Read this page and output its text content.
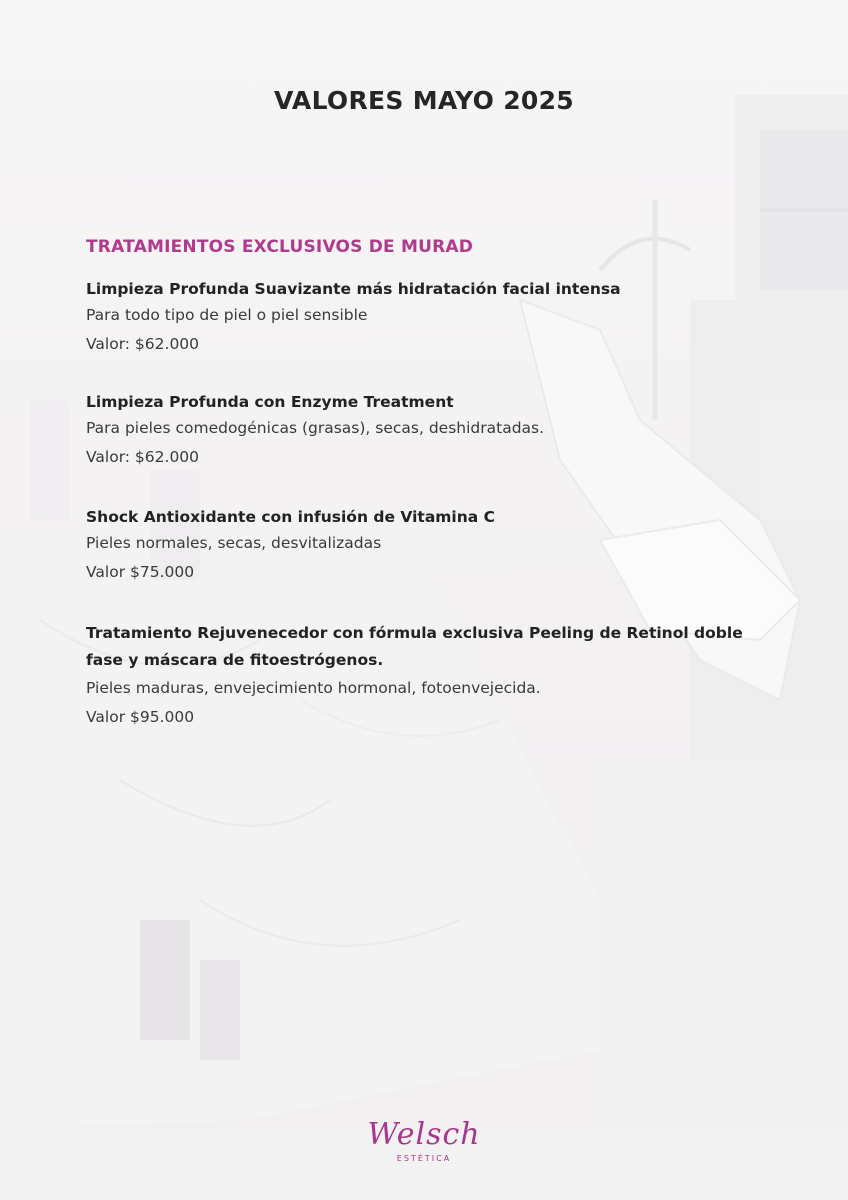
VALORES MAYO 2025
TRATAMIENTOS EXCLUSIVOS DE MURAD
Limpieza Profunda Suavizante más hidratación facial intensa
Para todo tipo de piel o piel sensible
Valor: $62.000
Limpieza Profunda con Enzyme Treatment
Para pieles comedogénicas (grasas), secas, deshidratadas.
Valor: $62.000
Shock Antioxidante con infusión de Vitamina C
Pieles normales, secas, desvitalizadas
Valor $75.000
Tratamiento Rejuvenecedor con fórmula exclusiva Peeling de Retinol doble fase y máscara de fitoestrógenos.
Pieles maduras, envejecimiento hormonal, fotoenvejecida.
Valor $95.000
Welsch
ESTÉTICA
